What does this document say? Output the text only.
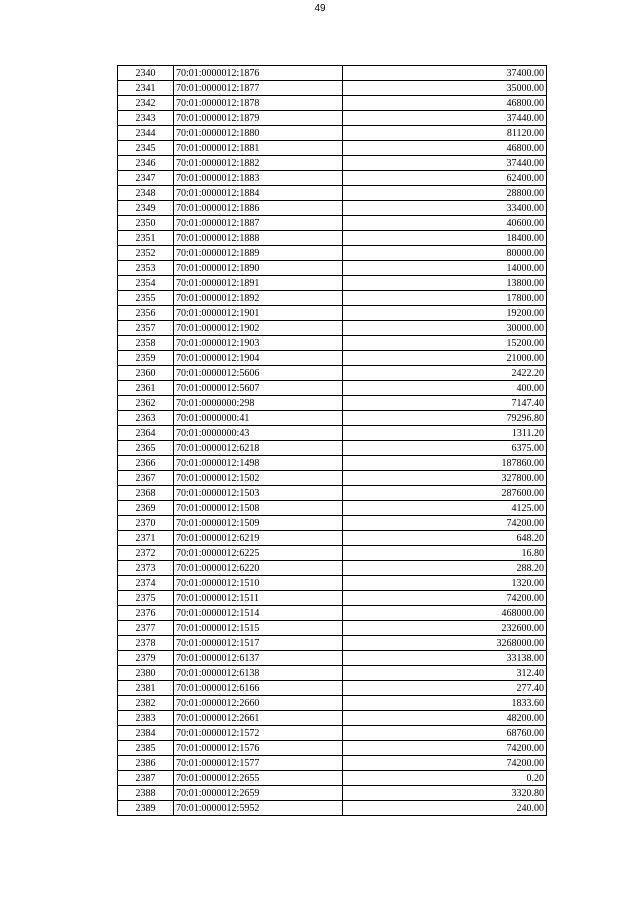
49
2340	70:01:0000012:1876	37400.00
2341	70:01:0000012:1877	35000.00
2342	70:01:0000012:1878	46800.00
2343	70:01:0000012:1879	37440.00
2344	70:01:0000012:1880	81120.00
2345	70:01:0000012:1881	46800.00
2346	70:01:0000012:1882	37440.00
2347	70:01:0000012:1883	62400.00
2348	70:01:0000012:1884	28800.00
2349	70:01:0000012:1886	33400.00
2350	70:01:0000012:1887	40600.00
2351	70:01:0000012:1888	18400.00
2352	70:01:0000012:1889	80000.00
2353	70:01:0000012:1890	14000.00
2354	70:01:0000012:1891	13800.00
2355	70:01:0000012:1892	17800.00
2356	70:01:0000012:1901	19200.00
2357	70:01:0000012:1902	30000.00
2358	70:01:0000012:1903	15200.00
2359	70:01:0000012:1904	21000.00
2360	70:01:0000012:5606	2422.20
2361	70:01:0000012:5607	400.00
2362	70:01:0000000:298	7147.40
2363	70:01:0000000:41	79296.80
2364	70:01:0000000:43	1311.20
2365	70:01:0000012:6218	6375.00
2366	70:01:0000012:1498	187860.00
2367	70:01:0000012:1502	327800.00
2368	70:01:0000012:1503	287600.00
2369	70:01:0000012:1508	4125.00
2370	70:01:0000012:1509	74200.00
2371	70:01:0000012:6219	648.20
2372	70:01:0000012:6225	16.80
2373	70:01:0000012:6220	288.20
2374	70:01:0000012:1510	1320.00
2375	70:01:0000012:1511	74200.00
2376	70:01:0000012:1514	468000.00
2377	70:01:0000012:1515	232600.00
2378	70:01:0000012:1517	3268000.00
2379	70:01:0000012:6137	33138.00
2380	70:01:0000012:6138	312.40
2381	70:01:0000012:6166	277.40
2382	70:01:0000012:2660	1833.60
2383	70:01:0000012:2661	48200.00
2384	70:01:0000012:1572	68760.00
2385	70:01:0000012:1576	74200.00
2386	70:01:0000012:1577	74200.00
2387	70:01:0000012:2655	0.20
2388	70:01:0000012:2659	3320.80
2389	70:01:0000012:5952	240.00
